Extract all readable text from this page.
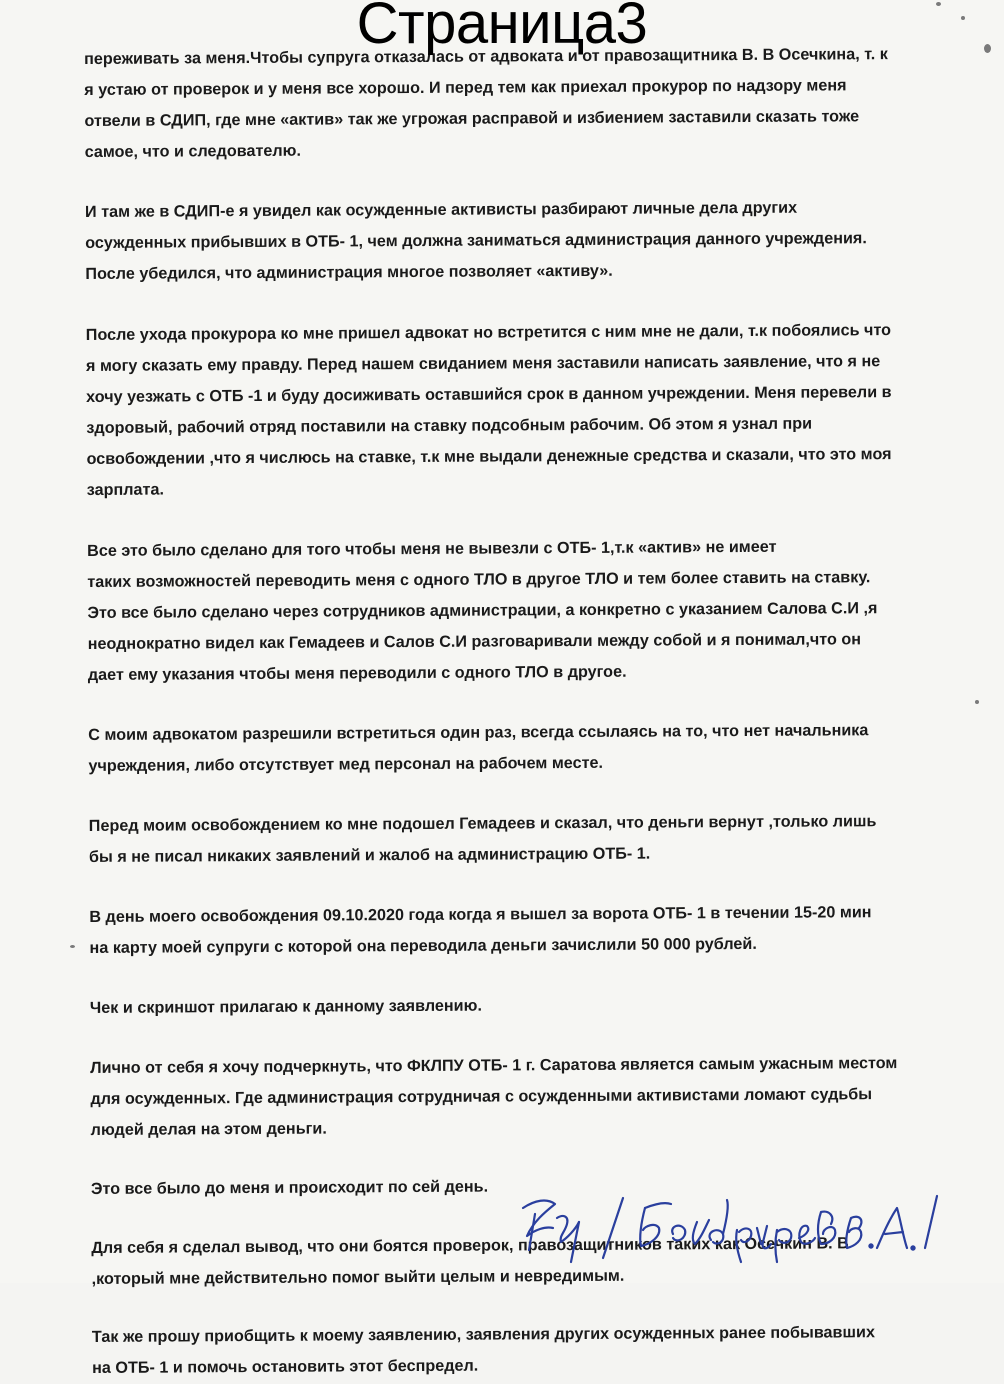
Страница3

переживать за меня.Чтобы супруга отказалась от адвоката и от правозащитника В. В Осечкина, т. к
я устаю от проверок и у меня все хорошо. И перед тем как приехал прокурор по надзору меня
отвели в СДИП, где мне «актив» так же угрожая расправой и избиением заставили сказать тоже
самое, что и следователю.

И там же в СДИП-е я увидел как осужденные активисты разбирают личные дела других
осужденных прибывших в ОТБ- 1, чем должна заниматься администрация данного учреждения.
После убедился, что администрация многое позволяет «активу».

После ухода прокурора ко мне пришел адвокат но встретится с ним мне не дали, т.к побоялись что
я могу сказать ему правду. Перед нашем свиданием меня заставили написать заявление, что я не
хочу уезжать с ОТБ -1 и буду досиживать оставшийся срок в данном учреждении. Меня перевели в
здоровый, рабочий отряд поставили на ставку подсобным рабочим. Об этом я узнал при
освобождении ,что я числюсь на ставке, т.к мне выдали денежные средства и сказали, что это моя
зарплата.

Все это было сделано для того чтобы меня не вывезли с ОТБ- 1,т.к «актив» не имеет
таких возможностей переводить меня с одного ТЛО в другое ТЛО и тем более ставить на ставку.
Это все было сделано через сотрудников администрации, а конкретно с указанием Салова С.И ,я
неоднократно видел как Гемадеев и Салов С.И разговаривали между собой и я понимал,что он
дает ему указания чтобы меня переводили с одного ТЛО в другое.

С моим адвокатом разрешили встретиться один раз, всегда ссылаясь на то, что нет начальника
учреждения, либо отсутствует мед персонал на рабочем месте.

Перед моим освобождением ко мне подошел Гемадеев и сказал, что деньги вернут ,только лишь
бы я не писал никаких заявлений и жалоб на администрацию ОТБ- 1.

В день моего освобождения 09.10.2020 года когда я вышел за ворота ОТБ- 1 в течении 15-20 мин
на карту моей супруги с которой она переводила деньги зачислили 50 000 рублей.

Чек и скриншот прилагаю к данному заявлению.

Лично от себя я хочу подчеркнуть, что ФКЛПУ ОТБ- 1 г. Саратова является самым ужасным местом
для осужденных. Где администрация сотрудничая с осужденными активистами ломают судьбы
людей делая на этом деньги.

Это все было до меня и происходит по сей день.

Для себя я сделал вывод, что они боятся проверок, правозащитников таких как Осечкин В. В
,который мне действительно помог выйти целым и невредимым.

Так же прошу приобщить к моему заявлению, заявления других осужденных ранее побывавших
на ОТБ- 1 и помочь остановить этот беспредел.
